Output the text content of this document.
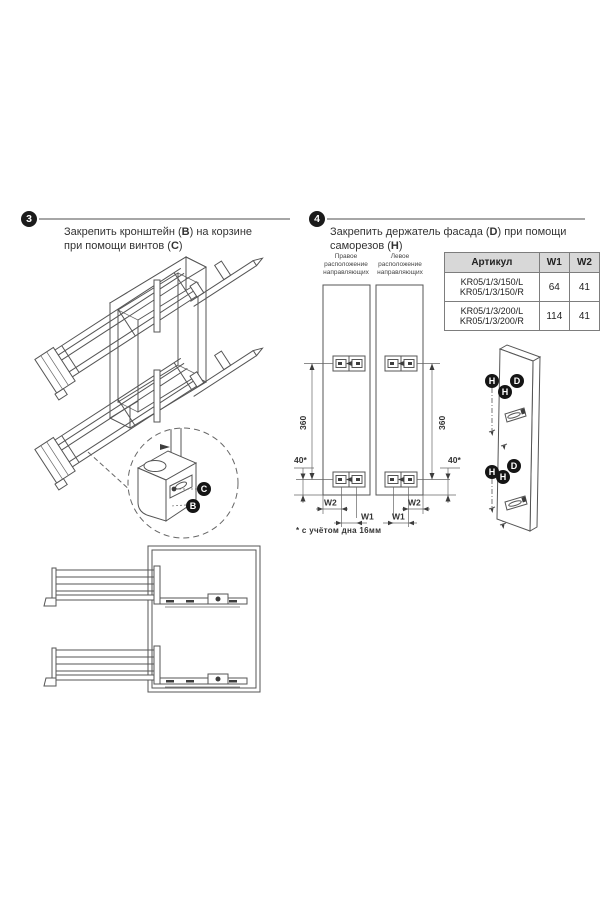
3
Закрепить кронштейн (B) на корзине
при помощи винтов (C)
4
Закрепить держатель фасада (D) при помощи
саморезов (H)
Правое
расположение
направляющих
Левое
расположение
направляющих
Артикул	W1	W2

KR05/1/3/150/L
KR05/1/3/150/R	64	41

KR05/1/3/200/L
KR05/1/3/200/R	114	41
C
B
360	360
40*	40*
W2
W1
W2
W1
* с учётом дна 16мм
H
H
D
H H
D
